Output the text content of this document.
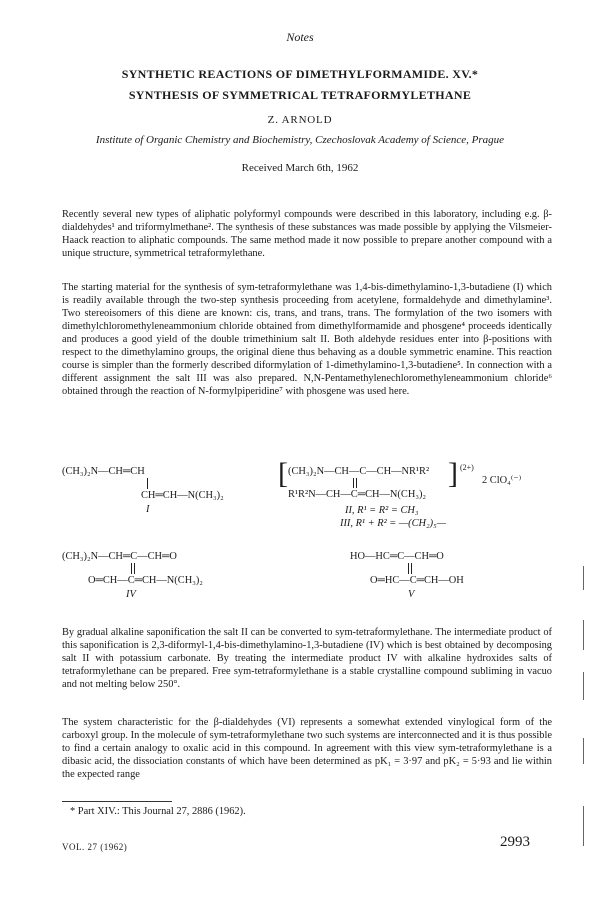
Notes
SYNTHETIC REACTIONS OF DIMETHYLFORMAMIDE. XV.*
SYNTHESIS OF SYMMETRICAL TETRAFORMYLETHANE
Z. ARNOLD
Institute of Organic Chemistry and Biochemistry, Czechoslovak Academy of Science, Prague
Received March 6th, 1962

Recently several new types of aliphatic polyformyl compounds were described in this laboratory, including e.g. β-dialdehydes¹ and triformylmethane². The synthesis of these substances was made possible by applying the Vilsmeier-Haack reaction to aliphatic compounds. The same method made it now possible to prepare another compound with a unique structure, symmetrical tetraformylethane.

The starting material for the synthesis of sym-tetraformylethane was 1,4-bis-dimethylamino-1,3-butadiene (I) which is readily available through the two-step synthesis proceeding from acetylene, formaldehyde and dimethylamine³. Two stereoisomers of this diene are known: cis, trans, and trans, trans. The formylation of the two isomers with dimethylchloromethyleneammonium chloride obtained from dimethylformamide and phosgene⁴ proceeds identically and produces a good yield of the double trimethinium salt II. Both aldehyde residues enter into β-positions with respect to the dimethylamino groups, the original diene thus behaving as a double symmetric enamine. This reaction course is simpler than the formerly described diformylation of 1-dimethylamino-1,3-butadiene⁵. In connection with a different assignment the salt III was also prepared. N,N-Pentamethylenechloromethyleneammonium chloride⁶ obtained through the reaction of N-formylpiperidine⁷ with phosgene was used here.

(CH₃)₂N—CH═CH
CH═CH—N(CH₃)₂
I
[ (CH₃)₂N—CH—C—CH—NR¹R²
R¹R²N—CH—C═CH—N(CH₃)₂
] (2+)
2 ClO₄⁽⁻⁾
II, R¹ = R² = CH₃
III, R¹ + R² = —(CH₂)₅—
(CH₃)₂N—CH═C—CH═O
O═CH—C═CH—N(CH₃)₂
IV
HO—HC═C—CH═O
O═HC—C═CH—OH
V

By gradual alkaline saponification the salt II can be converted to sym-tetraformylethane. The intermediate product of this saponification is 2,3-diformyl-1,4-bis-dimethylamino-1,3-butadiene (IV) which is best obtained by decomposing salt II with potassium carbonate. By treating the intermediate product IV with alkaline hydroxides salts of tetraformylethane can be prepared. Free sym-tetraformylethane is a stable crystalline compound subliming in vacuo and not melting below 250°.

The system characteristic for the β-dialdehydes (VI) represents a somewhat extended vinylogical form of the carboxyl group. In the molecule of sym-tetraformylethane two such systems are interconnected and it is thus possible to find a certain analogy to oxalic acid in this compound. In agreement with this view sym-tetraformylethane is a dibasic acid, the dissociation constants of which have been determined as pK₁ = 3·97 and pK₂ = 5·93 and lie within the expected range

* Part XIV.: This Journal 27, 2886 (1962).
VOL. 27 (1962)	2993
